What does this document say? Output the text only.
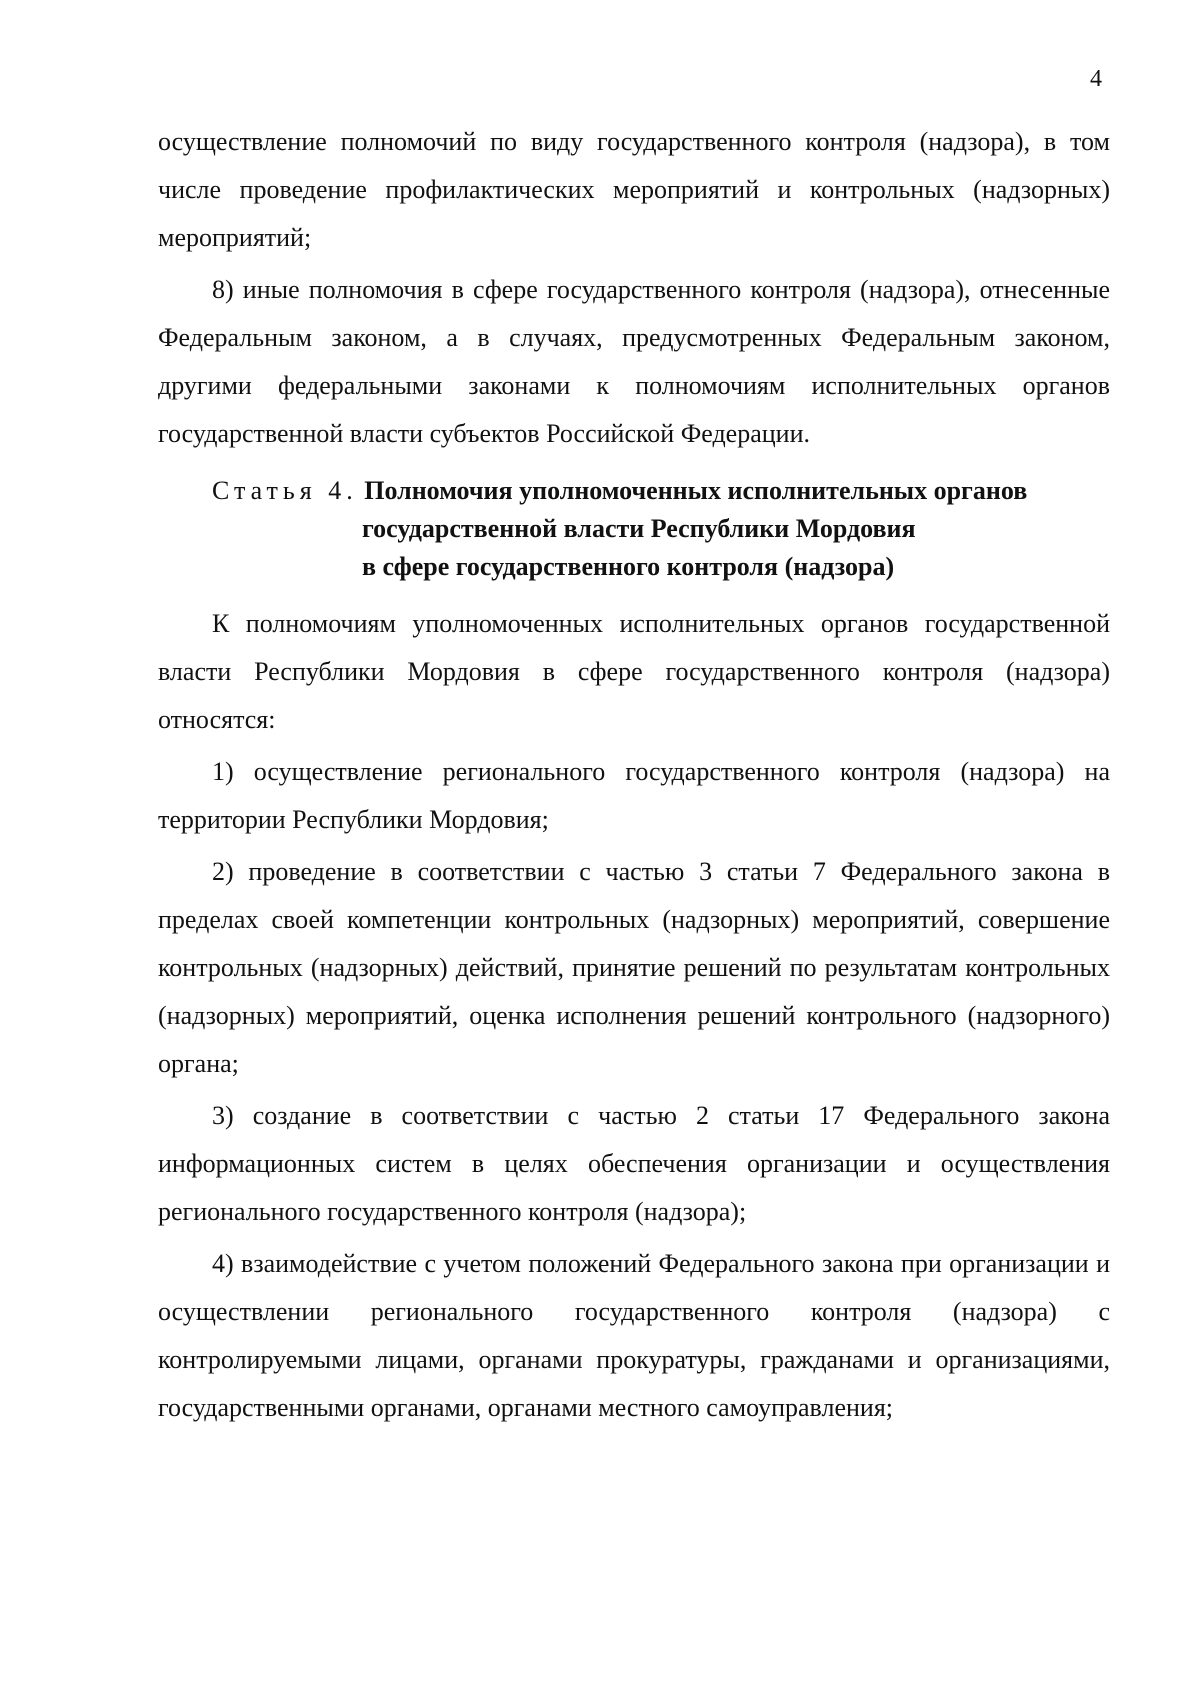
4

осуществление полномочий по виду государственного контроля (надзора), в том числе проведение профилактических мероприятий и контрольных (надзорных) мероприятий;

8) иные полномочия в сфере государственного контроля (надзора), отнесенные Федеральным законом, а в случаях, предусмотренных Федеральным законом, другими федеральными законами к полномочиям исполнительных органов государственной власти субъектов Российской Федерации.

Статья 4. Полномочия уполномоченных исполнительных органов
государственной власти Республики Мордовия
в сфере государственного контроля (надзора)

К полномочиям уполномоченных исполнительных органов государственной власти Республики Мордовия в сфере государственного контроля (надзора) относятся:

1) осуществление регионального государственного контроля (надзора) на территории Республики Мордовия;

2) проведение в соответствии с частью 3 статьи 7 Федерального закона в пределах своей компетенции контрольных (надзорных) мероприятий, совершение контрольных (надзорных) действий, принятие решений по результатам контрольных (надзорных) мероприятий, оценка исполнения решений контрольного (надзорного) органа;

3) создание в соответствии с частью 2 статьи 17 Федерального закона информационных систем в целях обеспечения организации и осуществления регионального государственного контроля (надзора);

4) взаимодействие с учетом положений Федерального закона при организации и осуществлении регионального государственного контроля (надзора) с контролируемыми лицами, органами прокуратуры, гражданами и организациями, государственными органами, органами местного самоуправления;
